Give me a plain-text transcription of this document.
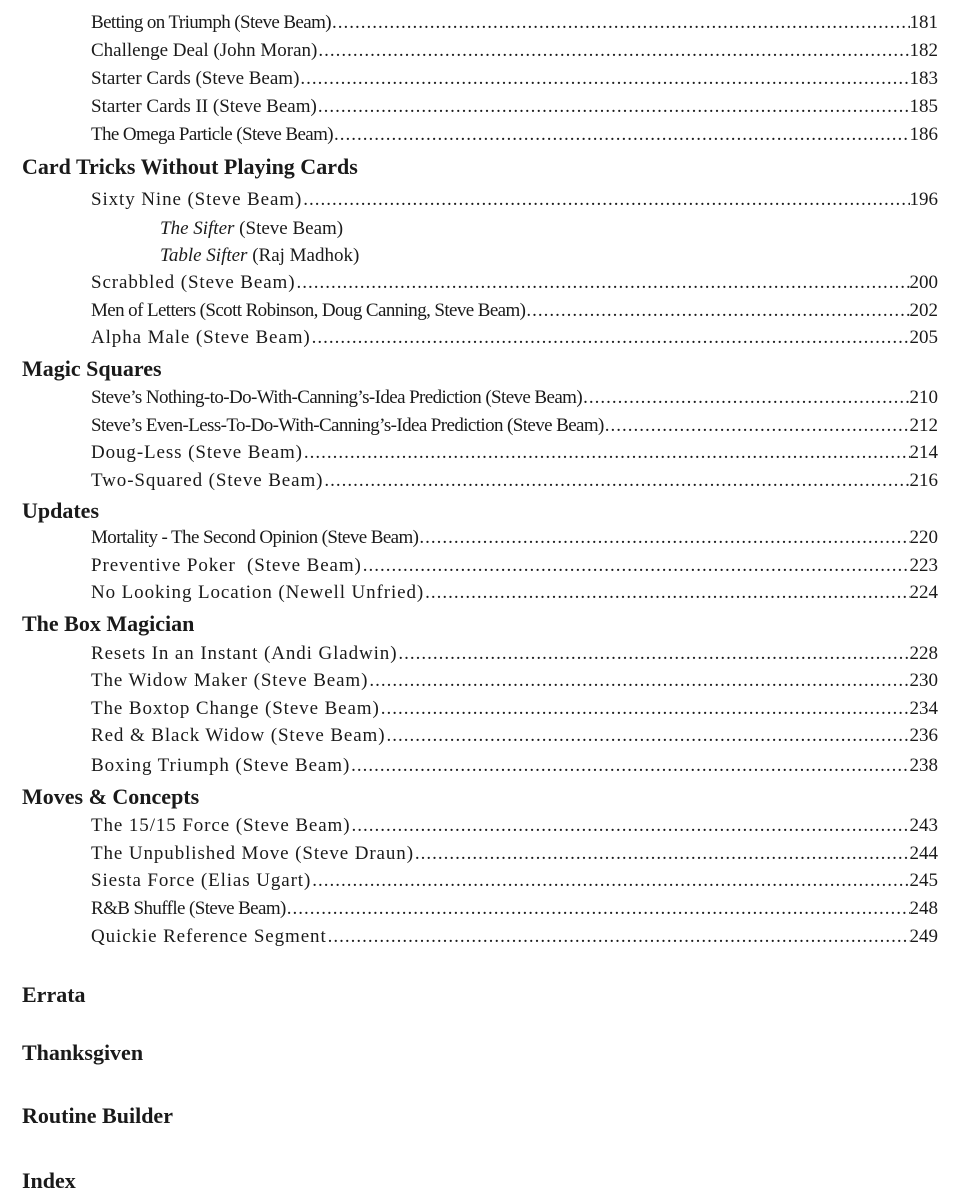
Betting on Triumph (Steve Beam) .....	181
Challenge Deal (John Moran) .....	182
Starter Cards (Steve Beam) .....	183
Starter Cards II (Steve Beam) .....	185
The Omega Particle (Steve Beam) .....	186
Card Tricks Without Playing Cards
Sixty Nine (Steve Beam) .....	196
The Sifter (Steve Beam)
Table Sifter (Raj Madhok)
Scrabbled (Steve Beam) .....	200
Men of Letters (Scott Robinson, Doug Canning, Steve Beam) .....	202
Alpha Male (Steve Beam) .....	205
Magic Squares
Steve’s Nothing-to-Do-With-Canning’s-Idea Prediction (Steve Beam) .....	210
Steve’s Even-Less-To-Do-With-Canning’s-Idea Prediction (Steve Beam) .....	212
Doug-Less (Steve Beam) .....	214
Two-Squared (Steve Beam) .....	216
Updates
Mortality - The Second Opinion (Steve Beam) .....	220
Preventive Poker  (Steve Beam) .....	223
No Looking Location (Newell Unfried) .....	224
The Box Magician
Resets In an Instant (Andi Gladwin) .....	228
The Widow Maker (Steve Beam) .....	230
The Boxtop Change (Steve Beam) .....	234
Red & Black Widow (Steve Beam) .....	236
Boxing Triumph (Steve Beam) .....	238
Moves & Concepts
The 15/15 Force (Steve Beam) .....	243
The Unpublished Move (Steve Draun) .....	244
Siesta Force (Elias Ugart) .....	245
R&B Shuffle (Steve Beam) .....	248
Quickie Reference Segment .....	249
Errata
Thanksgiven
Routine Builder
Index
